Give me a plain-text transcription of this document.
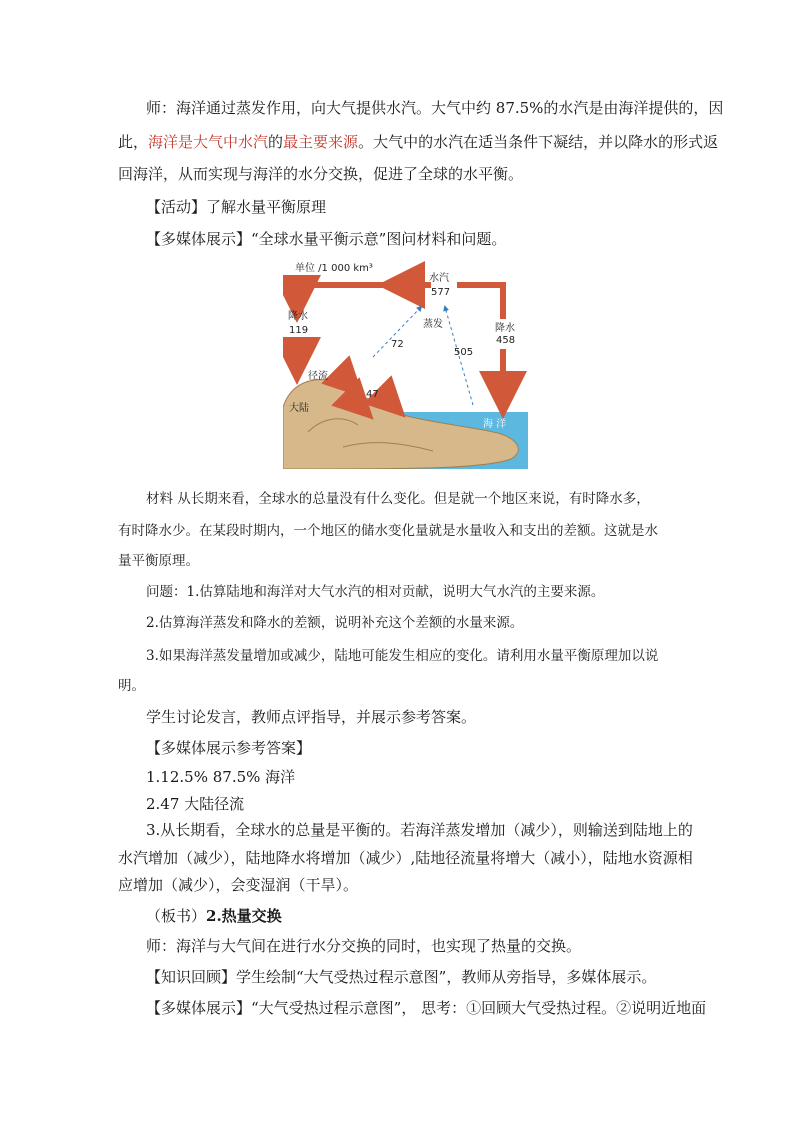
师：海洋通过蒸发作用，向大气提供水汽。大气中约 87.5%的水汽是由海洋提供的，因
此，海洋是大气中水汽的最主要来源。大气中的水汽在适当条件下凝结，并以降水的形式返
回海洋，从而实现与海洋的水分交换，促进了全球的水平衡。
【活动】了解水量平衡原理
【多媒体展示】“全球水量平衡示意”图问材料和问题。
单位 /1 000 km³
水汽
577
降水
119	降水
458
蒸发
72
505
径流
47
大陆
海 洋
材料 从长期来看，全球水的总量没有什么变化。但是就一个地区来说，有时降水多，
有时降水少。在某段时期内，一个地区的储水变化量就是水量收入和支出的差额。这就是水
量平衡原理。
问题：1.估算陆地和海洋对大气水汽的相对贡献，说明大气水汽的主要来源。
2.估算海洋蒸发和降水的差额，说明补充这个差额的水量来源。
3.如果海洋蒸发量增加或减少，陆地可能发生相应的变化。请利用水量平衡原理加以说
明。
学生讨论发言，教师点评指导，并展示参考答案。
【多媒体展示参考答案】
1.12.5% 87.5% 海洋
2.47 大陆径流
3.从长期看，全球水的总量是平衡的。若海洋蒸发增加（减少），则输送到陆地上的
水汽增加（减少），陆地降水将增加（减少）,陆地径流量将增大（减小），陆地水资源相
应增加（减少），会变湿润（干旱）。
（板书）2.热量交换
师：海洋与大气间在进行水分交换的同时，也实现了热量的交换。
【知识回顾】学生绘制“大气受热过程示意图”，教师从旁指导，多媒体展示。
【多媒体展示】“大气受热过程示意图”， 思考：①回顾大气受热过程。②说明近地面
